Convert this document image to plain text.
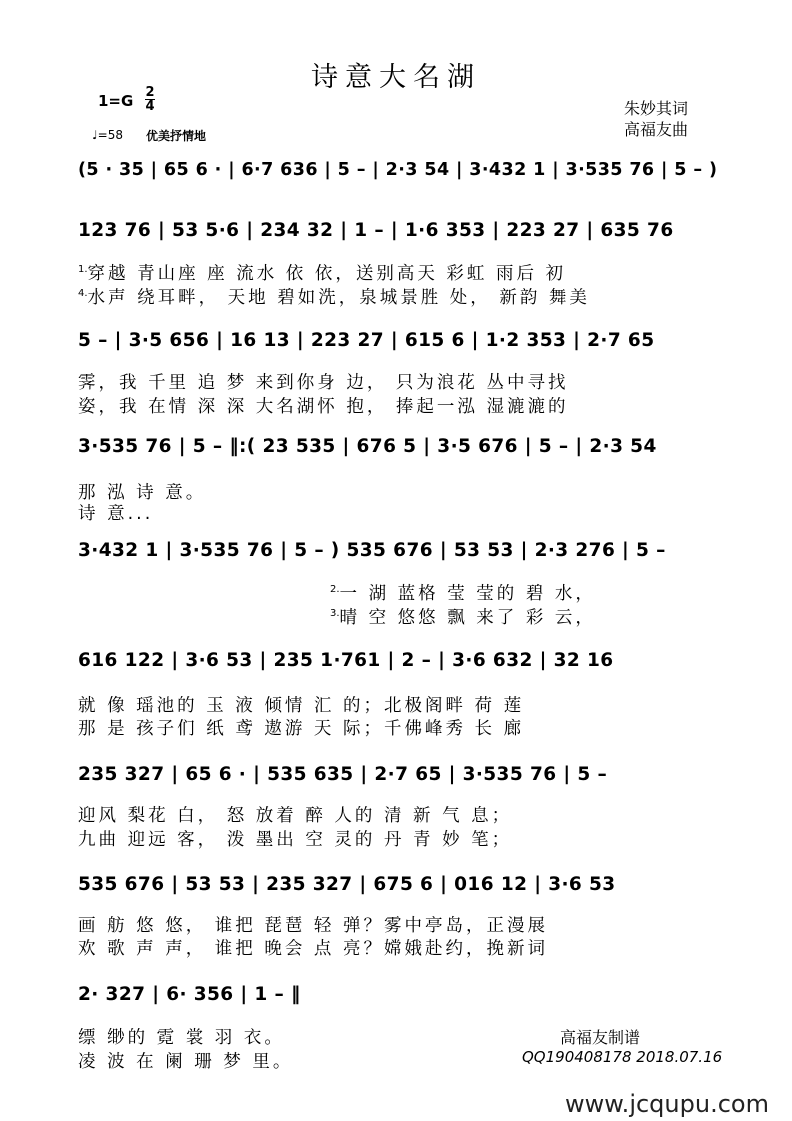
诗意大名湖
1=G 2
4
♩=58 优美抒情地
朱妙其词
高福友曲
(5 · 35 | 65 6 · | 6·7 636 | 5 – | 2·3 54 | 3·432 1 | 3·535 76 | 5 – )
123 76 | 53 5·6 | 234 32 | 1 – | 1·6 353 | 223 27 | 635 76
5 – | 3·5 656 | 16 13 | 223 27 | 615 6 | 1·2 353 | 2·7 65
3·535 76 | 5 – ‖:( 23 535 | 676 5 | 3·5 676 | 5 – | 2·3 54
3·432 1 | 3·535 76 | 5 – ) 535 676 | 53 53 | 2·3 276 | 5 –
616 122 | 3·6 53 | 235 1·761 | 2 – | 3·6 632 | 32 16
235 327 | 65 6 · | 535 635 | 2·7 65 | 3·535 76 | 5 –
535 676 | 53 53 | 235 327 | 675 6 | 016 12 | 3·6 53
2· 327 | 6· 356 | 1 – ‖
$^{1.}$穿越 青山座 座 流水 依 依，送别高天 彩虹 雨后 初
$^{4.}$水声 绕耳畔， 天地 碧如洗，泉城景胜 处， 新韵 舞美
霁，我 千里 追 梦 来到你身 边， 只为浪花 丛中寻找
姿，我 在情 深 深 大名湖怀 抱， 捧起一泓 湿漉漉的
那 泓 诗 意。
诗 意...
$^{2.}$一 湖 蓝格 莹 莹的 碧 水，
$^{3.}$晴 空 悠悠 飘 来了 彩 云，
就 像 瑶池的 玉 液 倾情 汇 的；北极阁畔 荷 莲
那 是 孩子们 纸 鸢 遨游 天 际；千佛峰秀 长 廊
迎风 梨花 白， 怒 放着 醉 人的 清 新 气 息；
九曲 迎远 客， 泼 墨出 空 灵的 丹 青 妙 笔；
画 舫 悠 悠， 谁把 琵琶 轻 弹？雾中亭岛，正漫展
欢 歌 声 声， 谁把 晚会 点 亮？嫦娥赴约，挽新词
缥 缈的 霓 裳 羽 衣。
凌 波 在 阑 珊 梦 里。
高福友制谱
QQ190408178 2018.07.16
www.jcqupu.com
